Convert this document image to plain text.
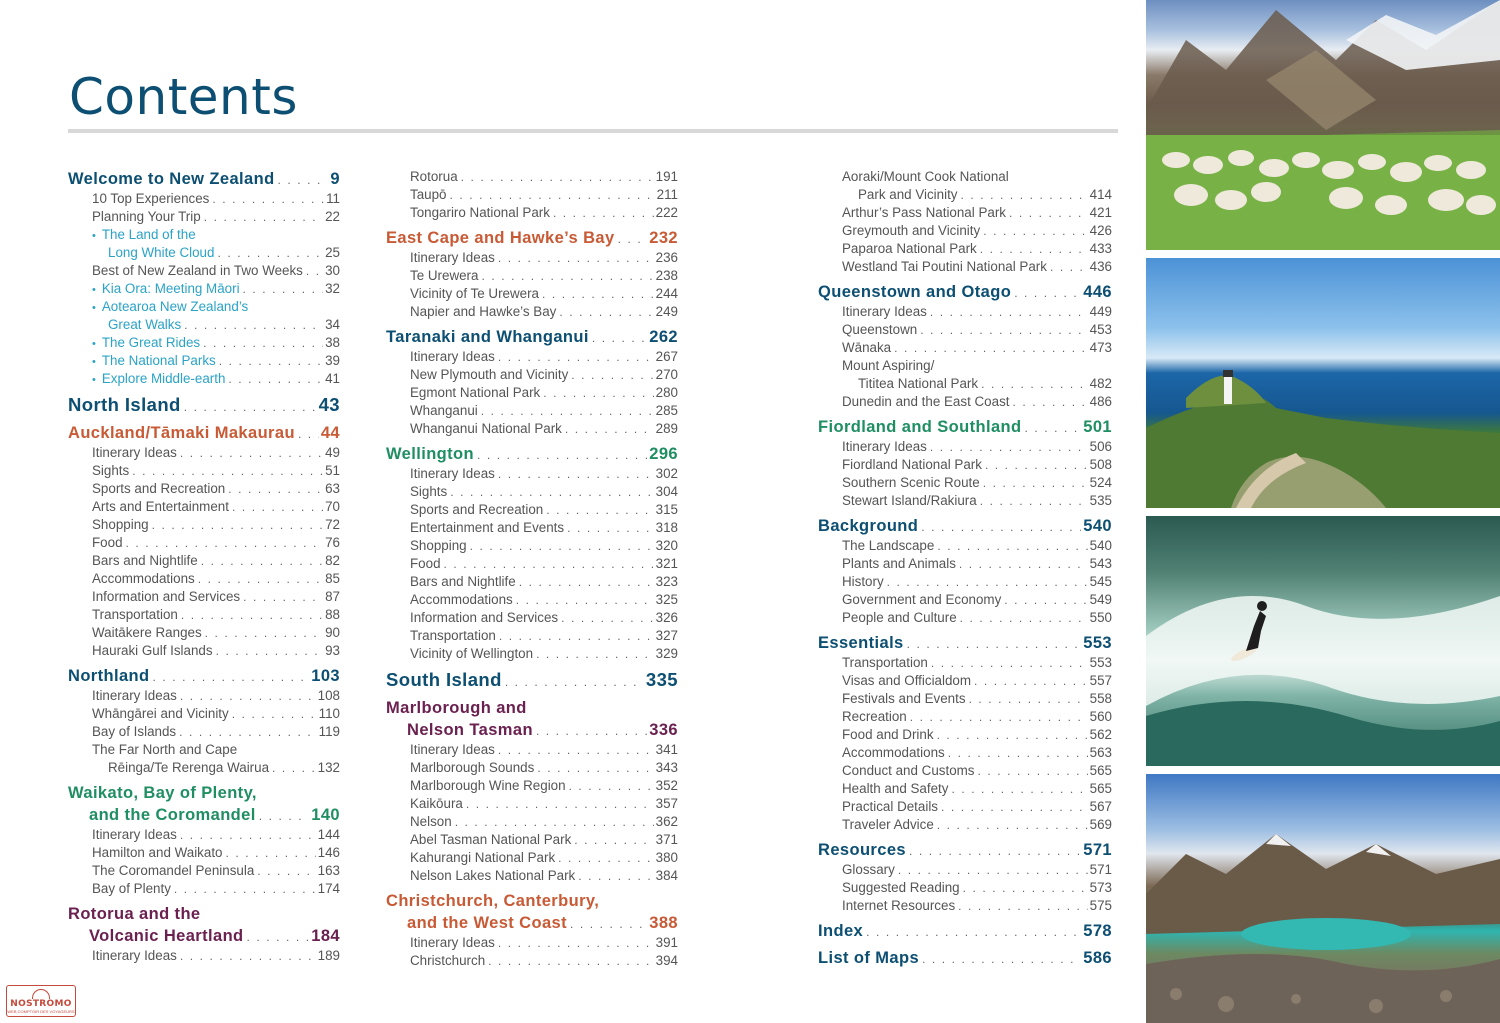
Contents
Welcome to New Zealand . . .	9
10 Top Experiences . . .	11
Planning Your Trip . . .	22
• The Land of the
Long White Cloud . . .	25
Best of New Zealand in Two Weeks . . . 30
• Kia Ora: Meeting Māori . . .	32
• Aotearoa New Zealand’s
Great Walks . . .	34
• The Great Rides . . .	38
• The National Parks . . .	39
• Explore Middle-earth . . .	41
North Island . . .	43
Auckland/Tāmaki Makaurau . . . 44
Itinerary Ideas . . .	49
Sights . . .	51
Sports and Recreation . . .	63
Arts and Entertainment . . .	70
Shopping . . .	72
Food . . .	76
Bars and Nightlife . . .	82
Accommodations . . .	85
Information and Services . . .	87
Transportation . . .	88
Waitākere Ranges . . .	90
Hauraki Gulf Islands . . .	93
Northland . . .	103
Itinerary Ideas . . .	108
Whāngārei and Vicinity . . .	110
Bay of Islands . . .	119
The Far North and Cape
Rēinga/Te Rerenga Wairua . . .	132
Waikato, Bay of Plenty,
and the Coromandel . . .	140
Itinerary Ideas . . .	144
Hamilton and Waikato . . .	146
The Coromandel Peninsula . . .	163
Bay of Plenty . . .	174
Rotorua and the
Volcanic Heartland . . .	184
Itinerary Ideas . . .	189
Rotorua . . .	191
Taupō . . .	211
Tongariro National Park . . .	222
East Cape and Hawke’s Bay . . . 232
Itinerary Ideas . . .	236
Te Urewera . . .	238
Vicinity of Te Urewera . . .	244
Napier and Hawke’s Bay . . .	249
Taranaki and Whanganui . . .	262
Itinerary Ideas . . .	267
New Plymouth and Vicinity . . .	270
Egmont National Park . . .	280
Whanganui . . .	285
Whanganui National Park . . .	289
Wellington . . .	296
Itinerary Ideas . . .	302
Sights . . .	304
Sports and Recreation . . .	315
Entertainment and Events . . .	318
Shopping . . .	320
Food . . .	321
Bars and Nightlife . . .	323
Accommodations . . .	325
Information and Services . . .	326
Transportation . . .	327
Vicinity of Wellington . . .	329
South Island . . .	335
Marlborough and
Nelson Tasman . . .	336
Itinerary Ideas . . .	341
Marlborough Sounds . . .	343
Marlborough Wine Region . . .	352
Kaikōura . . .	357
Nelson . . .	362
Abel Tasman National Park . . .	371
Kahurangi National Park . . .	380
Nelson Lakes National Park . . .	384
Christchurch, Canterbury,
and the West Coast . . .	388
Itinerary Ideas . . .	391
Christchurch . . .	394
Aoraki/Mount Cook National
Park and Vicinity . . .	414
Arthur’s Pass National Park . . .	421
Greymouth and Vicinity . . .	426
Paparoa National Park . . .	433
Westland Tai Poutini National Park . . .	436
Queenstown and Otago . . .	446
Itinerary Ideas . . .	449
Queenstown . . .	453
Wānaka . . .	473
Mount Aspiring/
Tititea National Park . . .	482
Dunedin and the East Coast . . .	486
Fiordland and Southland . . .	501
Itinerary Ideas . . .	506
Fiordland National Park . . .	508
Southern Scenic Route . . .	524
Stewart Island/Rakiura . . .	535
Background . . .	540
The Landscape . . .	540
Plants and Animals . . .	543
History . . .	545
Government and Economy . . .	549
People and Culture . . .	550
Essentials . . .	553
Transportation . . .	553
Visas and Officialdom . . .	557
Festivals and Events . . .	558
Recreation . . .	560
Food and Drink . . .	562
Accommodations . . .	563
Conduct and Customs . . .	565
Health and Safety . . .	565
Practical Details . . .	567
Traveler Advice . . .	569
Resources . . .	571
Glossary . . .	571
Suggested Reading . . .	573
Internet Resources . . .	575
Index . . .	578
List of Maps . . .	586
NOSTROMO
WEB COMPTOIR DES VOYAGEURS
